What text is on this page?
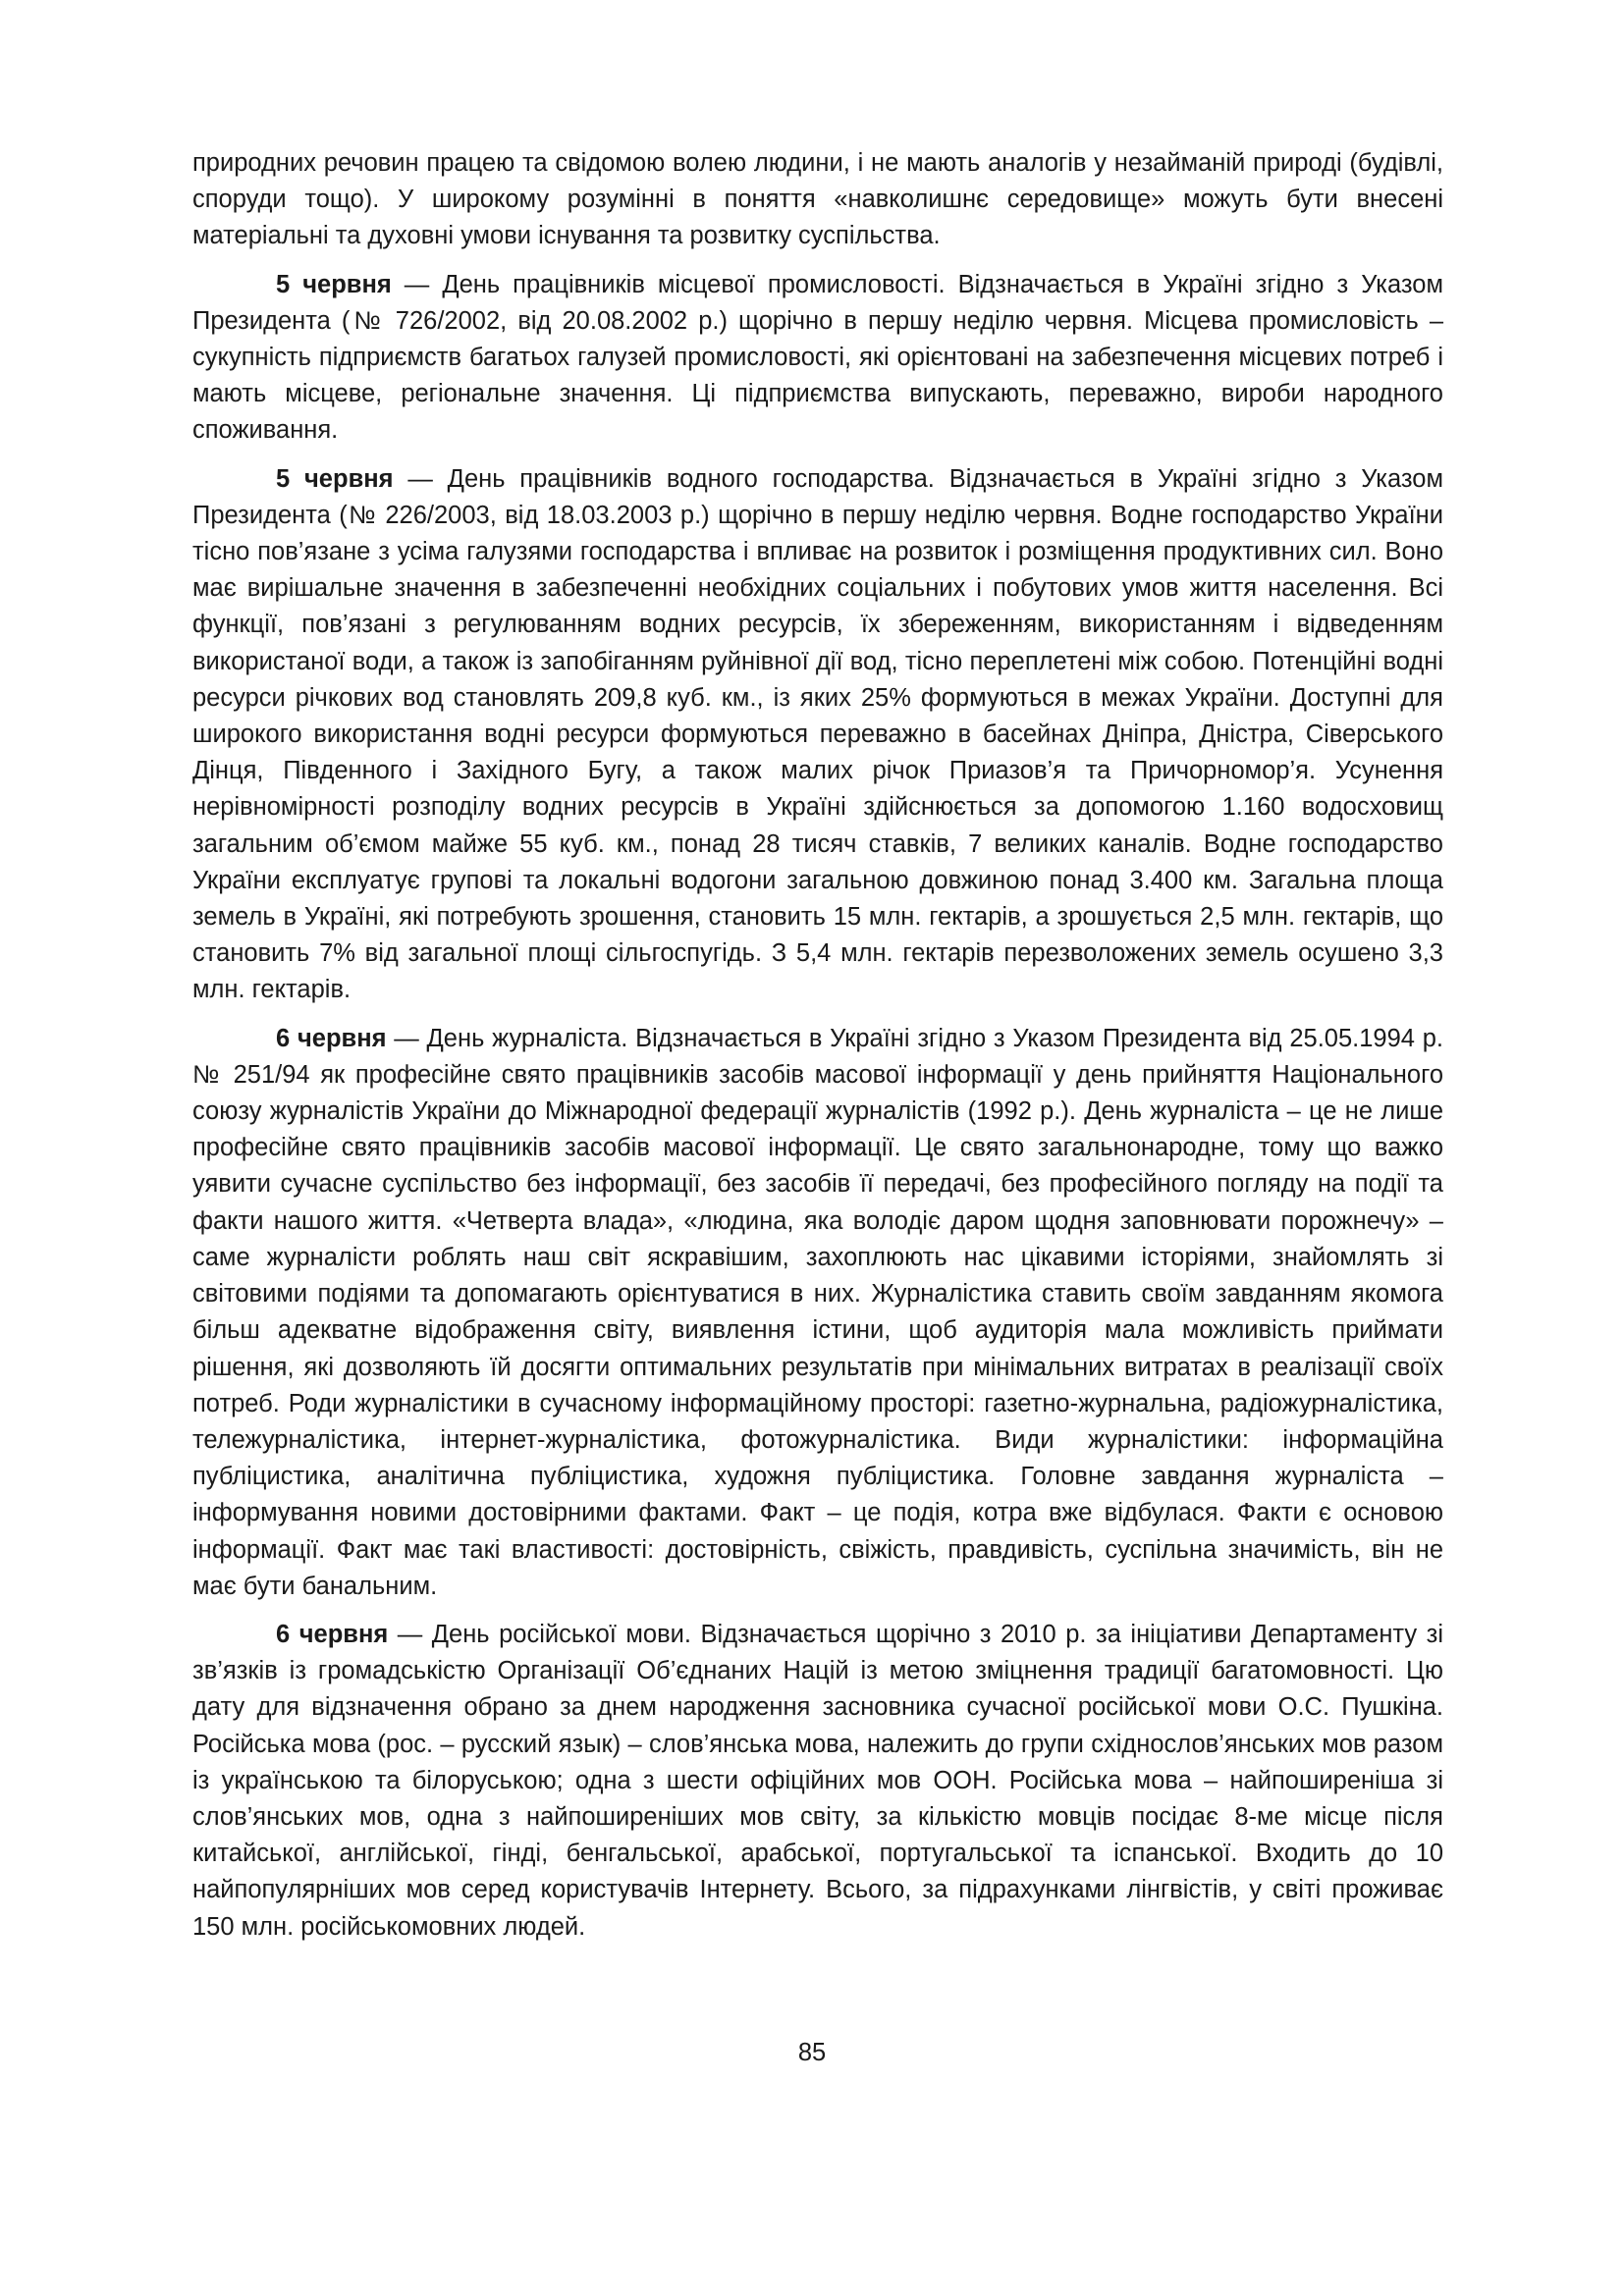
природних речовин працею та свідомою волею людини, і не мають аналогів у незайманій природі (будівлі, споруди тощо). У широкому розумінні в поняття «навколишнє середовище» можуть бути внесені матеріальні та духовні умови існування та розвитку суспільства.

5 червня — День працівників місцевої промисловості. Відзначається в Україні згідно з Указом Президента (№ 726/2002, від 20.08.2002 р.) щорічно в першу неділю червня. Місцева промисловість – сукупність підприємств багатьох галузей промисловості, які орієнтовані на забезпечення місцевих потреб і мають місцеве, регіональне значення. Ці підприємства випускають, переважно, вироби народного споживання.

5 червня — День працівників водного господарства. Відзначається в Україні згідно з Указом Президента (№ 226/2003, від 18.03.2003 р.) щорічно в першу неділю червня. Водне господарство України тісно пов’язане з усіма галузями господарства і впливає на розвиток і розміщення продуктивних сил. Воно має вирішальне значення в забезпеченні необхідних соціальних і побутових умов життя населення. Всі функції, пов’язані з регулюванням водних ресурсів, їх збереженням, використанням і відведенням використаної води, а також із запобіганням руйнівної дії вод, тісно переплетені між собою. Потенційні водні ресурси річкових вод становлять 209,8 куб. км., із яких 25% формуються в межах України. Доступні для широкого використання водні ресурси формуються переважно в басейнах Дніпра, Дністра, Сіверського Дінця, Південного і Західного Бугу, а також малих річок Приазов’я та Причорномор’я. Усунення нерівномірності розподілу водних ресурсів в Україні здійснюється за допомогою 1.160 водосховищ загальним об’ємом майже 55 куб. км., понад 28 тисяч ставків, 7 великих каналів. Водне господарство України експлуатує групові та локальні водогони загальною довжиною понад 3.400 км. Загальна площа земель в Україні, які потребують зрошення, становить 15 млн. гектарів, а зрошується 2,5 млн. гектарів, що становить 7% від загальної площі сільгоспугідь. З 5,4 млн. гектарів перезволожених земель осушено 3,3 млн. гектарів.

6 червня — День журналіста. Відзначається в Україні згідно з Указом Президента від 25.05.1994 р. № 251/94 як професійне свято працівників засобів масової інформації у день прийняття Національного союзу журналістів України до Міжнародної федерації журналістів (1992 р.). День журналіста – це не лише професійне свято працівників засобів масової інформації. Це свято загальнонародне, тому що важко уявити сучасне суспільство без інформації, без засобів її передачі, без професійного погляду на події та факти нашого життя. «Четверта влада», «людина, яка володіє даром щодня заповнювати порожнечу» – саме журналісти роблять наш світ яскравішим, захоплюють нас цікавими історіями, знайомлять зі світовими подіями та допомагають орієнтуватися в них. Журналістика ставить своїм завданням якомога більш адекватне відображення світу, виявлення істини, щоб аудиторія мала можливість приймати рішення, які дозволяють їй досягти оптимальних результатів при мінімальних витратах в реалізації своїх потреб. Роди журналістики в сучасному інформаційному просторі: газетно-журнальна, радіожурналістика, тележурналістика, інтернет-журналістика, фотожурналістика. Види журналістики: інформаційна публіцистика, аналітична публіцистика, художня публіцистика. Головне завдання журналіста – інформування новими достовірними фактами. Факт – це подія, котра вже відбулася. Факти є основою інформації. Факт має такі властивості: достовірність, свіжість, правдивість, суспільна значимість, він не має бути банальним.

6 червня — День російської мови. Відзначається щорічно з 2010 р. за ініціативи Департаменту зі зв’язків із громадськістю Організації Об’єднаних Націй із метою зміцнення традиції багатомовності. Цю дату для відзначення обрано за днем народження засновника сучасної російської мови О.С. Пушкіна. Російська мова (рос. – русский язык) – слов’янська мова, належить до групи східнослов’янських мов разом із українською та білоруською; одна з шести офіційних мов ООН. Російська мова – найпоширеніша зі слов’янських мов, одна з найпоширеніших мов світу, за кількістю мовців посідає 8-ме місце після китайської, англійської, гінді, бенгальської, арабської, португальської та іспанської. Входить до 10 найпопулярніших мов серед користувачів Інтернету. Всього, за підрахунками лінгвістів, у світі проживає 150 млн. російськомовних людей.

85
